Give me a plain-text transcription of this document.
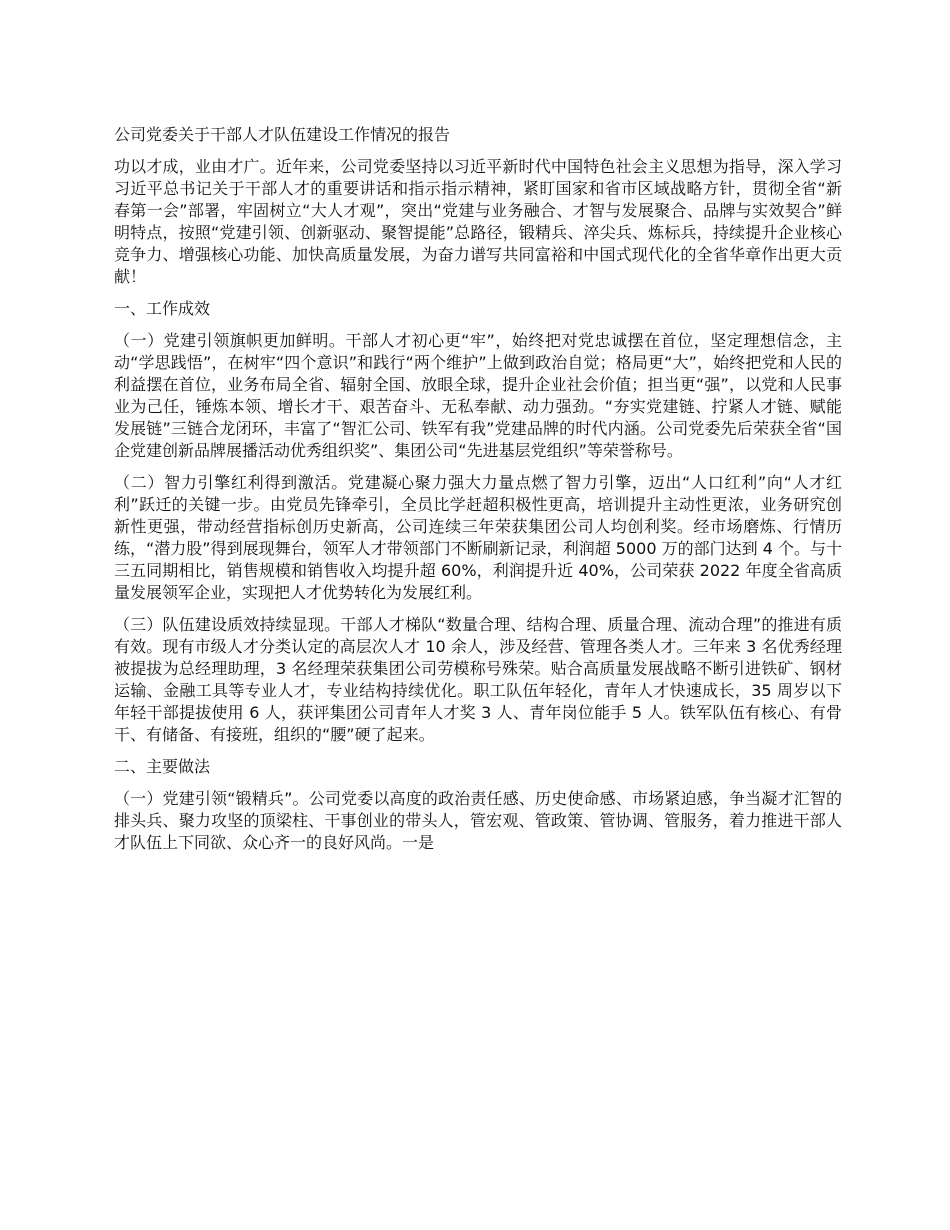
公司党委关于干部人才队伍建设工作情况的报告

功以才成，业由才广。近年来，公司党委坚持以习近平新时代中国特色社会主义思想为指导，深入学习习近平总书记关于干部人才的重要讲话和指示指示精神，紧盯国家和省市区域战略方针，贯彻全省“新春第一会”部署，牢固树立“大人才观”，突出“党建与业务融合、才智与发展聚合、品牌与实效契合”鲜明特点，按照“党建引领、创新驱动、聚智提能”总路径，锻精兵、淬尖兵、炼标兵，持续提升企业核心竞争力、增强核心功能、加快高质量发展，为奋力谱写共同富裕和中国式现代化的全省华章作出更大贡献！

一、工作成效

（一）党建引领旗帜更加鲜明。干部人才初心更“牢”，始终把对党忠诚摆在首位，坚定理想信念，主动“学思践悟”，在树牢“四个意识”和践行“两个维护”上做到政治自觉；格局更“大”，始终把党和人民的利益摆在首位，业务布局全省、辐射全国、放眼全球，提升企业社会价值；担当更“强”，以党和人民事业为己任，锤炼本领、增长才干、艰苦奋斗、无私奉献、动力强劲。“夯实党建链、拧紧人才链、赋能发展链”三链合龙闭环，丰富了“智汇公司、铁军有我”党建品牌的时代内涵。公司党委先后荣获全省“国企党建创新品牌展播活动优秀组织奖”、集团公司“先进基层党组织”等荣誉称号。

（二）智力引擎红利得到激活。党建凝心聚力强大力量点燃了智力引擎，迈出“人口红利”向“人才红利”跃迁的关键一步。由党员先锋牵引，全员比学赶超积极性更高，培训提升主动性更浓，业务研究创新性更强，带动经营指标创历史新高，公司连续三年荣获集团公司人均创利奖。经市场磨炼、行情历练，“潜力股”得到展现舞台，领军人才带领部门不断刷新记录，利润超 5000 万的部门达到 4 个。与十三五同期相比，销售规模和销售收入均提升超 60%，利润提升近 40%，公司荣获 2022 年度全省高质量发展领军企业，实现把人才优势转化为发展红利。

（三）队伍建设质效持续显现。干部人才梯队“数量合理、结构合理、质量合理、流动合理”的推进有质有效。现有市级人才分类认定的高层次人才 10 余人，涉及经营、管理各类人才。三年来 3 名优秀经理被提拔为总经理助理，3 名经理荣获集团公司劳模称号殊荣。贴合高质量发展战略不断引进铁矿、钢材运输、金融工具等专业人才，专业结构持续优化。职工队伍年轻化，青年人才快速成长，35 周岁以下年轻干部提拔使用 6 人，获评集团公司青年人才奖 3 人、青年岗位能手 5 人。铁军队伍有核心、有骨干、有储备、有接班，组织的“腰”硬了起来。

二、主要做法

（一）党建引领“锻精兵”。公司党委以高度的政治责任感、历史使命感、市场紧迫感，争当凝才汇智的排头兵、聚力攻坚的顶梁柱、干事创业的带头人，管宏观、管政策、管协调、管服务，着力推进干部人才队伍上下同欲、众心齐一的良好风尚。一是
